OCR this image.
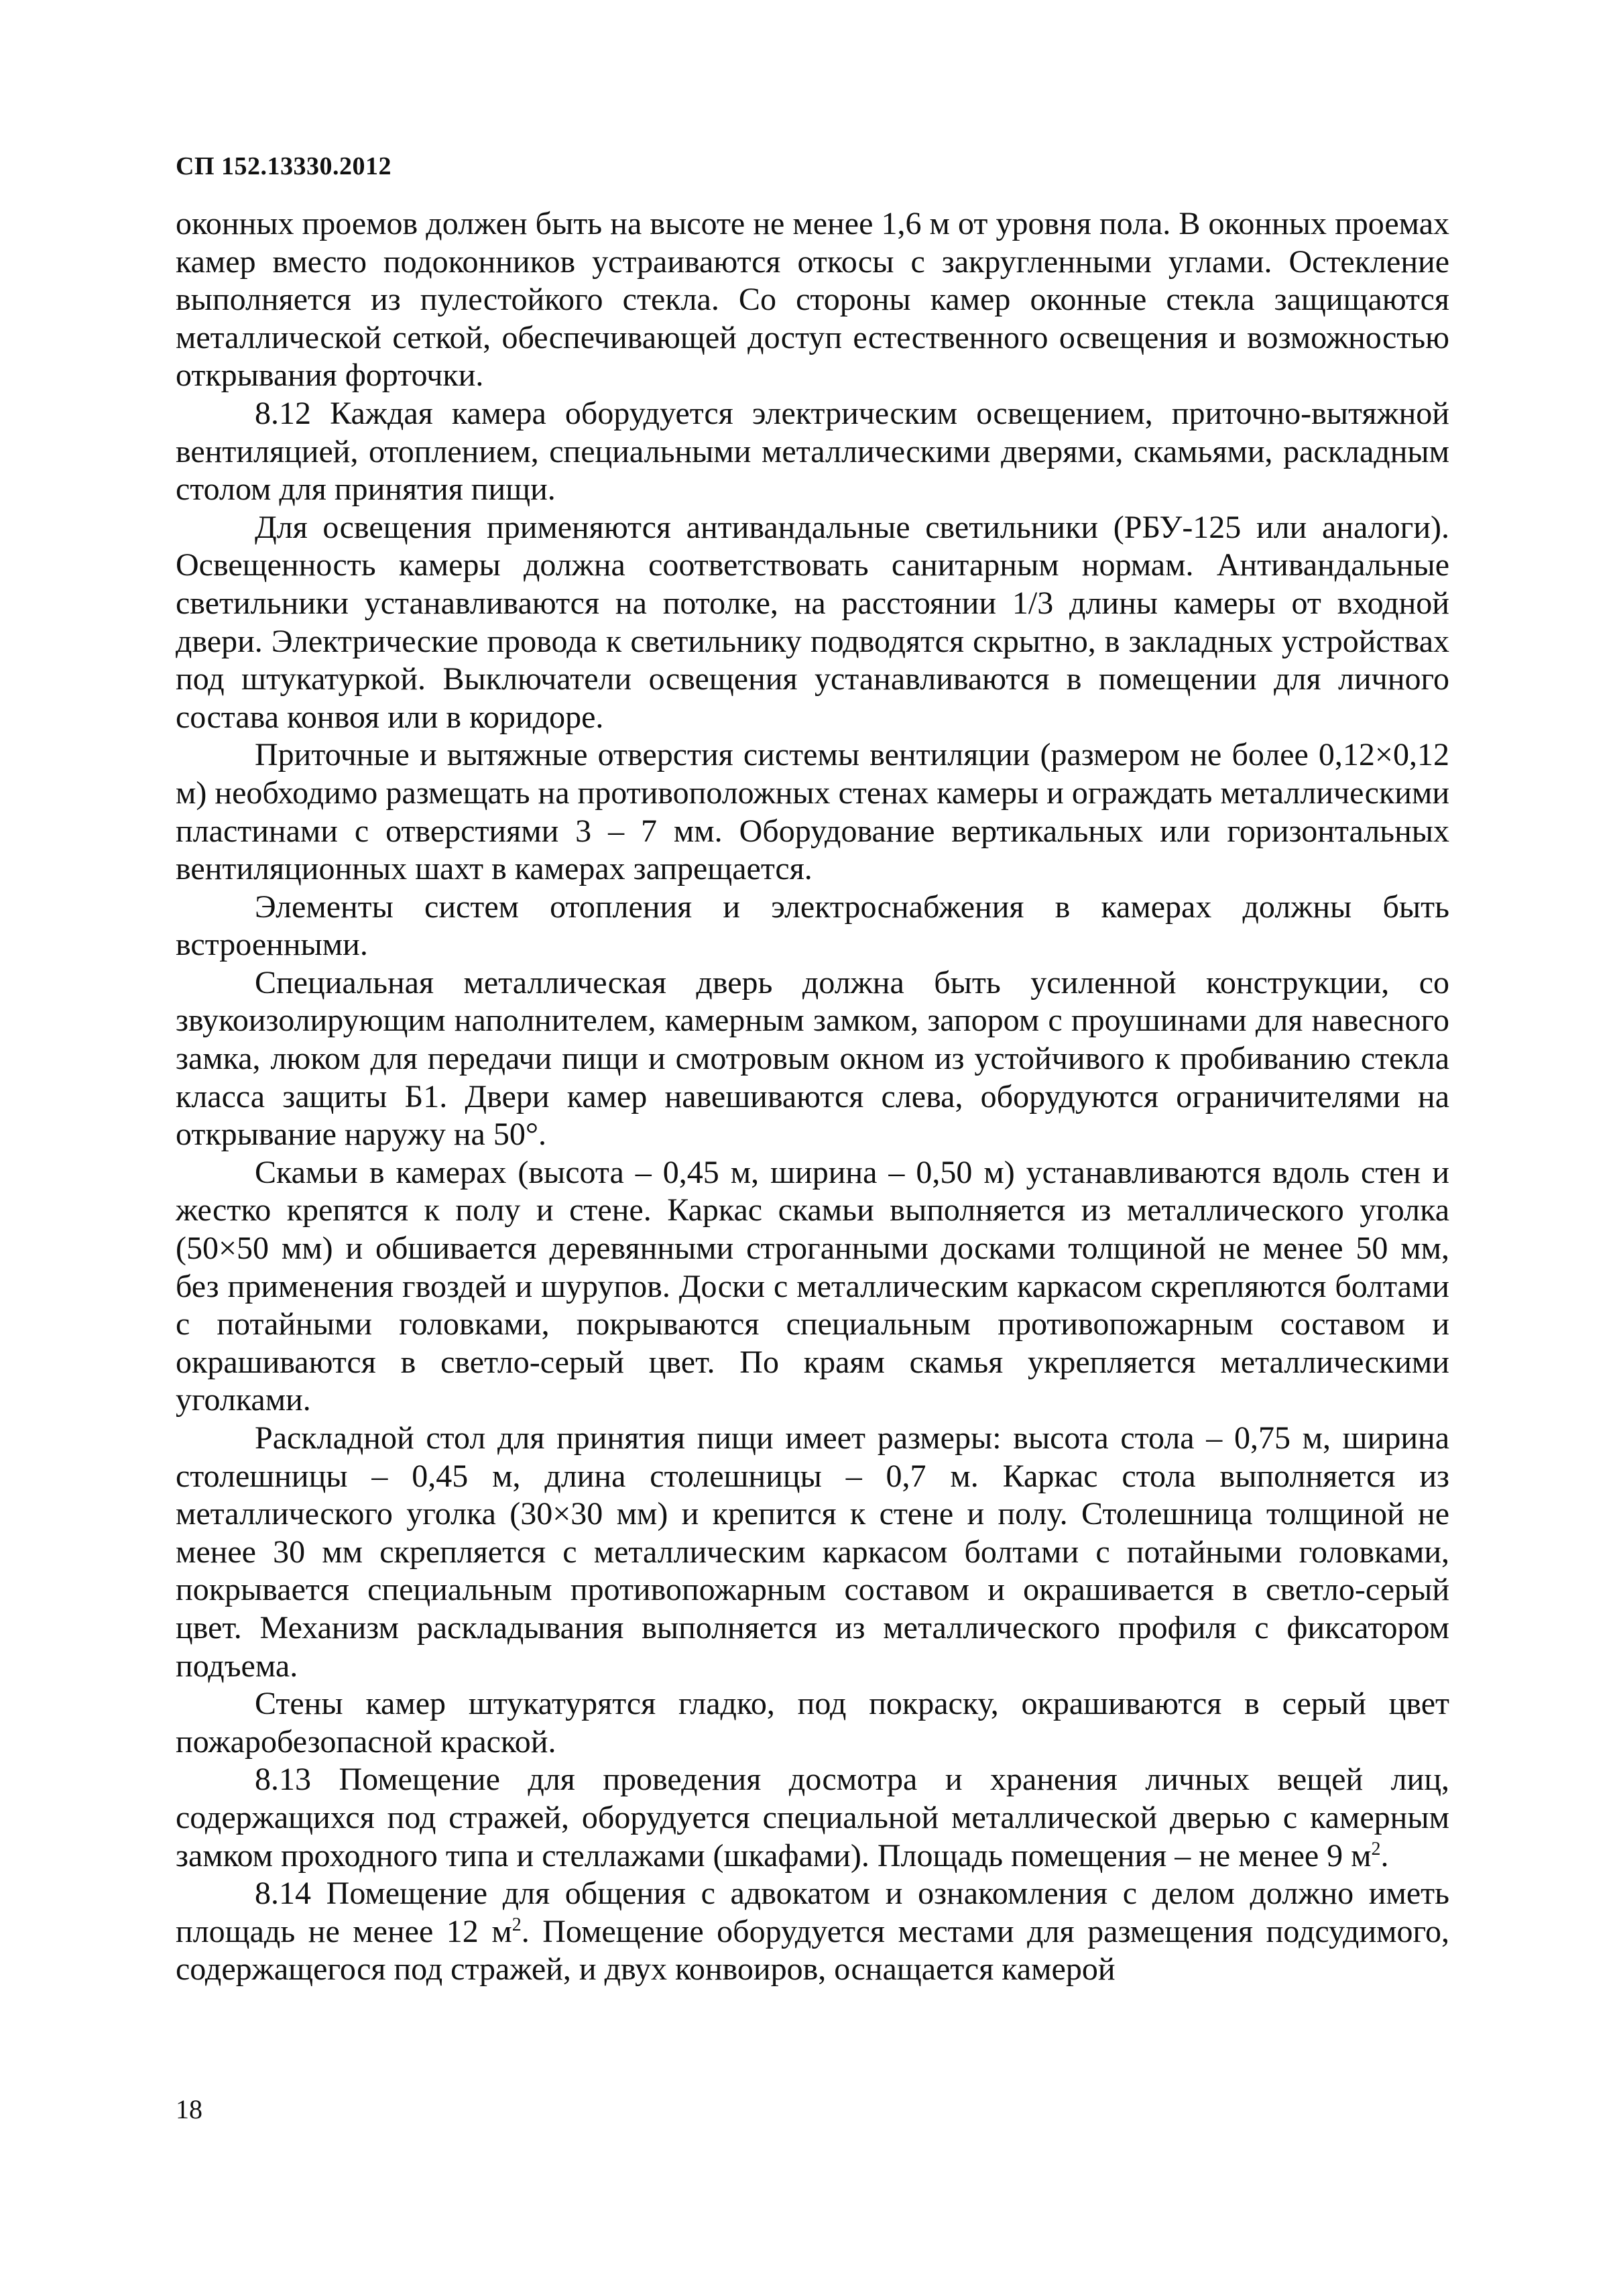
СП 152.13330.2012

оконных проемов должен быть на высоте не менее 1,6 м от уровня пола. В оконных проемах камер вместо подоконников устраиваются откосы с закругленными углами. Остекление выполняется из пулестойкого стекла. Со стороны камер оконные стекла защищаются металлической сеткой, обеспечивающей доступ естественного освещения и возможностью открывания форточки.

8.12 Каждая камера оборудуется электрическим освещением, приточно-вытяжной вентиляцией, отоплением, специальными металлическими дверями, скамьями, раскладным столом для принятия пищи.

Для освещения применяются антивандальные светильники (РБУ-125 или аналоги). Освещенность камеры должна соответствовать санитарным нормам. Антивандальные светильники устанавливаются на потолке, на расстоянии 1/3 длины камеры от входной двери. Электрические провода к светильнику подводятся скрытно, в закладных устройствах под штукатуркой. Выключатели освещения устанавливаются в помещении для личного состава конвоя или в коридоре.

Приточные и вытяжные отверстия системы вентиляции (размером не более 0,12×0,12 м) необходимо размещать на противоположных стенах камеры и ограждать металлическими пластинами с отверстиями 3 – 7 мм. Оборудование вертикальных или горизонтальных вентиляционных шахт в камерах запрещается.

Элементы систем отопления и электроснабжения в камерах должны быть встроенными.

Специальная металлическая дверь должна быть усиленной конструкции, со звукоизолирующим наполнителем, камерным замком, запором с проушинами для навесного замка, люком для передачи пищи и смотровым окном из устойчивого к пробиванию стекла класса защиты Б1. Двери камер навешиваются слева, оборудуются ограничителями на открывание наружу на 50°.

Скамьи в камерах (высота – 0,45 м, ширина – 0,50 м) устанавливаются вдоль стен и жестко крепятся к полу и стене. Каркас скамьи выполняется из металлического уголка (50×50 мм) и обшивается деревянными строганными досками толщиной не менее 50 мм, без применения гвоздей и шурупов. Доски с металлическим каркасом скрепляются болтами с потайными головками, покрываются специальным противопожарным составом и окрашиваются в светло-серый цвет. По краям скамья укрепляется металлическими уголками.

Раскладной стол для принятия пищи имеет размеры: высота стола – 0,75 м, ширина столешницы – 0,45 м, длина столешницы – 0,7 м. Каркас стола выполняется из металлического уголка (30×30 мм) и крепится к стене и полу. Столешница толщиной не менее 30 мм скрепляется с металлическим каркасом болтами с потайными головками, покрывается специальным противопожарным составом и окрашивается в светло-серый цвет. Механизм раскладывания выполняется из металлического профиля с фиксатором подъема.

Стены камер штукатурятся гладко, под покраску, окрашиваются в серый цвет пожаробезопасной краской.

8.13 Помещение для проведения досмотра и хранения личных вещей лиц, содержащихся под стражей, оборудуется специальной металлической дверью с камерным замком проходного типа и стеллажами (шкафами). Площадь помещения – не менее 9 $м^2$.

8.14 Помещение для общения с адвокатом и ознакомления с делом должно иметь площадь не менее 12 $м^2$. Помещение оборудуется местами для размещения подсудимого, содержащегося под стражей, и двух конвоиров, оснащается камерой

18
